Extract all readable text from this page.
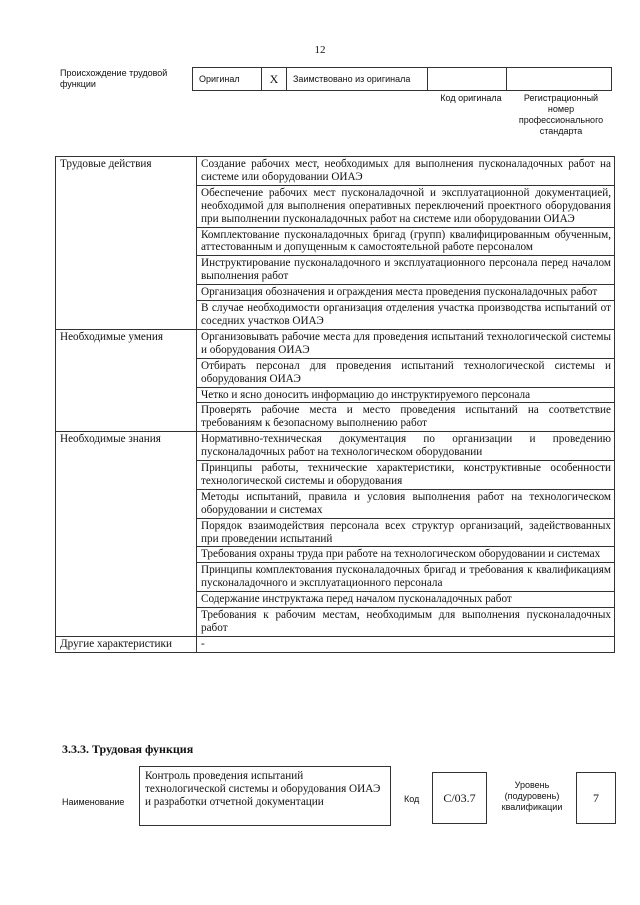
12
Происхождение трудовой функции	Оригинал	X	Заимствовано из оригинала		
Код оригинала	Регистрационный номер профессионального стандарта
Трудовые действия	Создание рабочих мест, необходимых для выполнения пусконаладочных работ на системе или оборудовании ОИАЭ
	Обеспечение рабочих мест пусконаладочной и эксплуатационной документацией, необходимой для выполнения оперативных переключений проектного оборудования при выполнении пусконаладочных работ на системе или оборудовании ОИАЭ
	Комплектование пусконаладочных бригад (групп) квалифицированным обученным, аттестованным и допущенным к самостоятельной работе персоналом
	Инструктирование пусконаладочного и эксплуатационного персонала перед началом выполнения работ
	Организация обозначения и ограждения места проведения пусконаладочных работ
	В случае необходимости организация отделения участка производства испытаний от соседних участков ОИАЭ
Необходимые умения	Организовывать рабочие места для проведения испытаний технологической системы и оборудования ОИАЭ
	Отбирать персонал для проведения испытаний технологической системы и оборудования ОИАЭ
	Четко и ясно доносить информацию до инструктируемого персонала
	Проверять рабочие места и место проведения испытаний на соответствие требованиям к безопасному выполнению работ
Необходимые знания	Нормативно-техническая документация по организации и проведению пусконаладочных работ на технологическом оборудовании
	Принципы работы, технические характеристики, конструктивные особенности технологической системы и оборудования
	Методы испытаний, правила и условия выполнения работ на технологическом оборудовании и системах
	Порядок взаимодействия персонала всех структур организаций, задействованных при проведении испытаний
	Требования охраны труда при работе на технологическом оборудовании и системах
	Принципы комплектования пусконаладочных бригад и требования к квалификациям пусконаладочного и эксплуатационного персонала
	Содержание инструктажа перед началом пусконаладочных работ
	Требования к рабочим местам, необходимым для выполнения пусконаладочных работ
Другие характеристики	-
3.3.3. Трудовая функция
Наименование
Контроль проведения испытаний технологической системы и оборудования ОИАЭ и разработки отчетной документации	Код	C/03.7
Уровень (подуровень) квалификации
7
